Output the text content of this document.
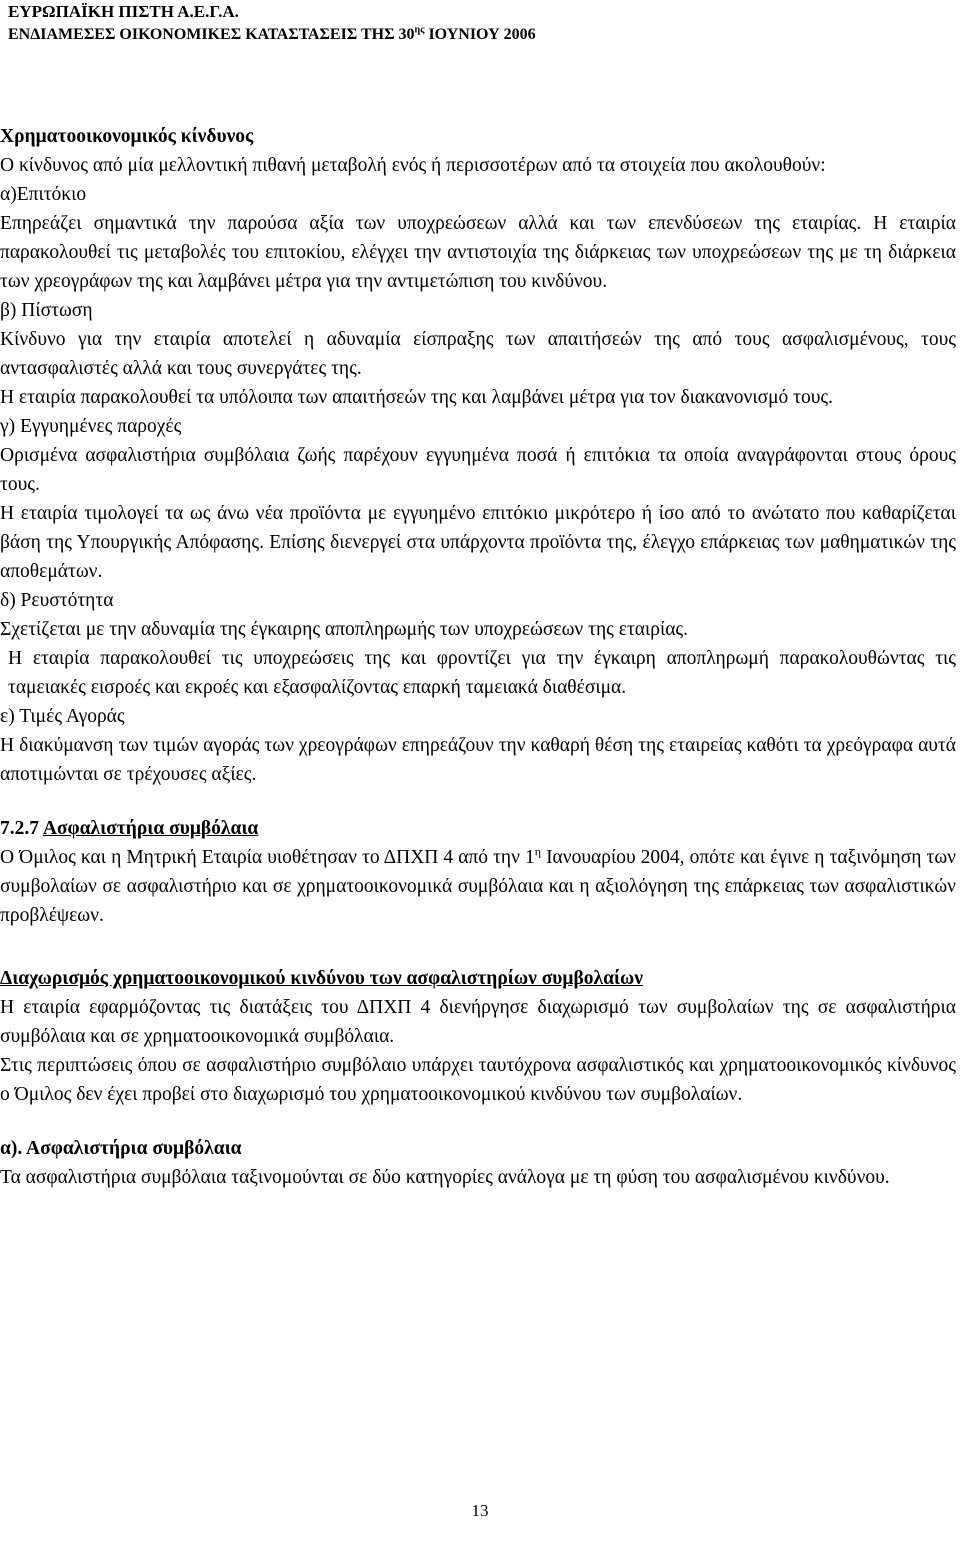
ΕΥΡΩΠΑΪΚΗ ΠΙΣΤΗ Α.Ε.Γ.Α.
ΕΝΔΙΑΜΕΣΕΣ ΟΙΚΟΝΟΜΙΚΕΣ ΚΑΤΑΣΤΑΣΕΙΣ ΤΗΣ $30^{\eta\varsigma}$ ΙΟΥΝΙΟΥ 2006

Χρηματοοικονομικός κίνδυνος

Ο κίνδυνος από μία μελλοντική πιθανή μεταβολή ενός ή περισσοτέρων από τα στοιχεία που ακολουθούν:

α)Επιτόκιο

Επηρεάζει σημαντικά την παρούσα αξία των υποχρεώσεων αλλά και των επενδύσεων της εταιρίας. Η εταιρία παρακολουθεί τις μεταβολές του επιτοκίου, ελέγχει την αντιστοιχία της διάρκειας των υποχρεώσεων της με τη διάρκεια των χρεογράφων της και λαμβάνει μέτρα για την αντιμετώπιση του κινδύνου.

β) Πίστωση

Κίνδυνο για την εταιρία αποτελεί η αδυναμία είσπραξης των απαιτήσεών της από τους ασφαλισμένους, τους αντασφαλιστές αλλά και τους συνεργάτες της.

Η εταιρία παρακολουθεί τα υπόλοιπα των απαιτήσεών της και λαμβάνει μέτρα για τον διακανονισμό τους.

γ) Εγγυημένες παροχές

Ορισμένα ασφαλιστήρια συμβόλαια ζωής παρέχουν εγγυημένα ποσά ή επιτόκια τα οποία αναγράφονται στους όρους τους.

Η εταιρία τιμολογεί τα ως άνω νέα προϊόντα με εγγυημένο επιτόκιο μικρότερο ή ίσο από το ανώτατο που καθαρίζεται βάση της Υπουργικής Απόφασης. Επίσης διενεργεί στα υπάρχοντα προϊόντα της, έλεγχο επάρκειας των μαθηματικών της αποθεμάτων.

δ) Ρευστότητα

Σχετίζεται με την αδυναμία της έγκαιρης αποπληρωμής των υποχρεώσεων της εταιρίας.

Η εταιρία παρακολουθεί τις υποχρεώσεις της και φροντίζει για την έγκαιρη αποπληρωμή παρακολουθώντας τις ταμειακές εισροές και εκροές και εξασφαλίζοντας επαρκή ταμειακά διαθέσιμα.

ε) Τιμές Αγοράς

Η διακύμανση των τιμών αγοράς των χρεογράφων επηρεάζουν την καθαρή θέση της εταιρείας καθότι τα χρεόγραφα αυτά αποτιμώνται σε τρέχουσες αξίες.

7.2.7 Ασφαλιστήρια συμβόλαια

Ο Όμιλος και η Μητρική Εταιρία υιοθέτησαν το ΔΠΧΠ 4 από την $1^\eta$ Ιανουαρίου 2004, οπότε και έγινε η ταξινόμηση των συμβολαίων σε ασφαλιστήριο και σε χρηματοοικονομικά συμβόλαια και η αξιολόγηση της επάρκειας των ασφαλιστικών προβλέψεων.

Διαχωρισμός χρηματοοικονομικού κινδύνου των ασφαλιστηρίων συμβολαίων

Η εταιρία εφαρμόζοντας τις διατάξεις του ΔΠΧΠ 4 διενήργησε διαχωρισμό των συμβολαίων της σε ασφαλιστήρια συμβόλαια και σε χρηματοοικονομικά συμβόλαια.

Στις περιπτώσεις όπου σε ασφαλιστήριο συμβόλαιο υπάρχει ταυτόχρονα ασφαλιστικός και χρηματοοικονομικός κίνδυνος ο Όμιλος δεν έχει προβεί στο διαχωρισμό του χρηματοοικονομικού κινδύνου των συμβολαίων.

α). Ασφαλιστήρια συμβόλαια

Τα ασφαλιστήρια συμβόλαια ταξινομούνται σε δύο κατηγορίες ανάλογα με τη φύση του ασφαλισμένου κινδύνου.

13
